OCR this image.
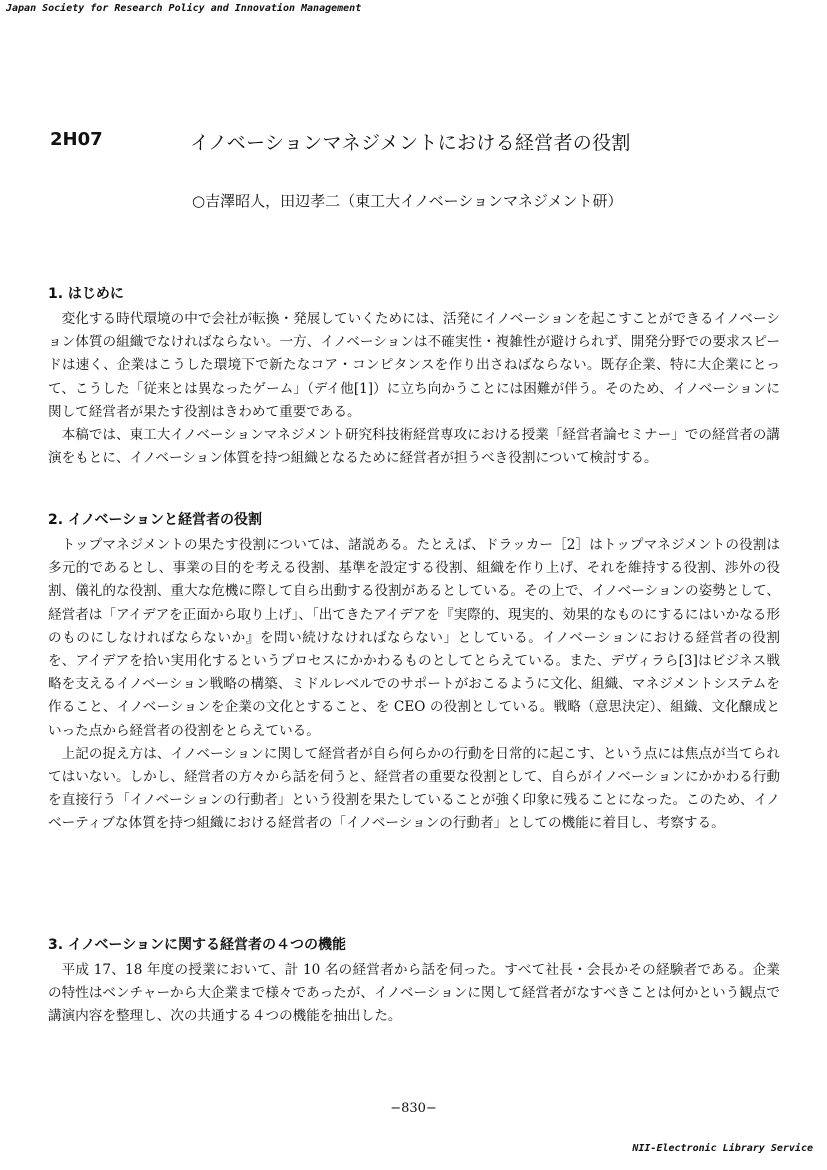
Japan Society for Research Policy and Innovation Management
2H07	イノベーションマネジメントにおける経営者の役割
○吉澤昭人，田辺孝二（東工大イノベーションマネジメント研）
1. はじめに

変化する時代環境の中で会社が転換・発展していくためには、活発にイノベーションを起こすことができるイノベーション体質の組織でなければならない。一方、イノベーションは不確実性・複雑性が避けられず、開発分野での要求スピードは速く、企業はこうした環境下で新たなコア・コンピタンスを作り出さねばならない。既存企業、特に大企業にとって、こうした「従来とは異なったゲーム」（デイ他[1]）に立ち向かうことには困難が伴う。そのため、イノベーションに関して経営者が果たす役割はきわめて重要である。

本稿では、東工大イノベーションマネジメント研究科技術経営専攻における授業「経営者論セミナー」での経営者の講演をもとに、イノベーション体質を持つ組織となるために経営者が担うべき役割について検討する。

2. イノベーションと経営者の役割

トップマネジメントの果たす役割については、諸説ある。たとえば、ドラッカー［2］はトップマネジメントの役割は多元的であるとし、事業の目的を考える役割、基準を設定する役割、組織を作り上げ、それを維持する役割、渉外の役割、儀礼的な役割、重大な危機に際して自ら出動する役割があるとしている。その上で、イノベーションの姿勢として、経営者は「アイデアを正面から取り上げ」、「出てきたアイデアを『実際的、現実的、効果的なものにするにはいかなる形のものにしなければならないか』を問い続けなければならない」としている。イノベーションにおける経営者の役割を、アイデアを拾い実用化するというプロセスにかかわるものとしてとらえている。また、デヴィラら[3]はビジネス戦略を支えるイノベーション戦略の構築、ミドルレベルでのサポートがおこるように文化、組織、マネジメントシステムを作ること、イノベーションを企業の文化とすること、を CEO の役割としている。戦略（意思決定）、組織、文化醸成といった点から経営者の役割をとらえている。

上記の捉え方は、イノベーションに関して経営者が自ら何らかの行動を日常的に起こす、という点には焦点が当てられてはいない。しかし、経営者の方々から話を伺うと、経営者の重要な役割として、自らがイノベーションにかかわる行動を直接行う「イノベーションの行動者」という役割を果たしていることが強く印象に残ることになった。このため、イノベーティブな体質を持つ組織における経営者の「イノベーションの行動者」としての機能に着目し、考察する。

3. イノベーションに関する経営者の４つの機能

平成 17、18 年度の授業において、計 10 名の経営者から話を伺った。すべて社長・会長かその経験者である。企業の特性はベンチャーから大企業まで様々であったが、イノベーションに関して経営者がなすべきことは何かという観点で講演内容を整理し、次の共通する４つの機能を抽出した。

−830−
NII-Electronic Library Service
